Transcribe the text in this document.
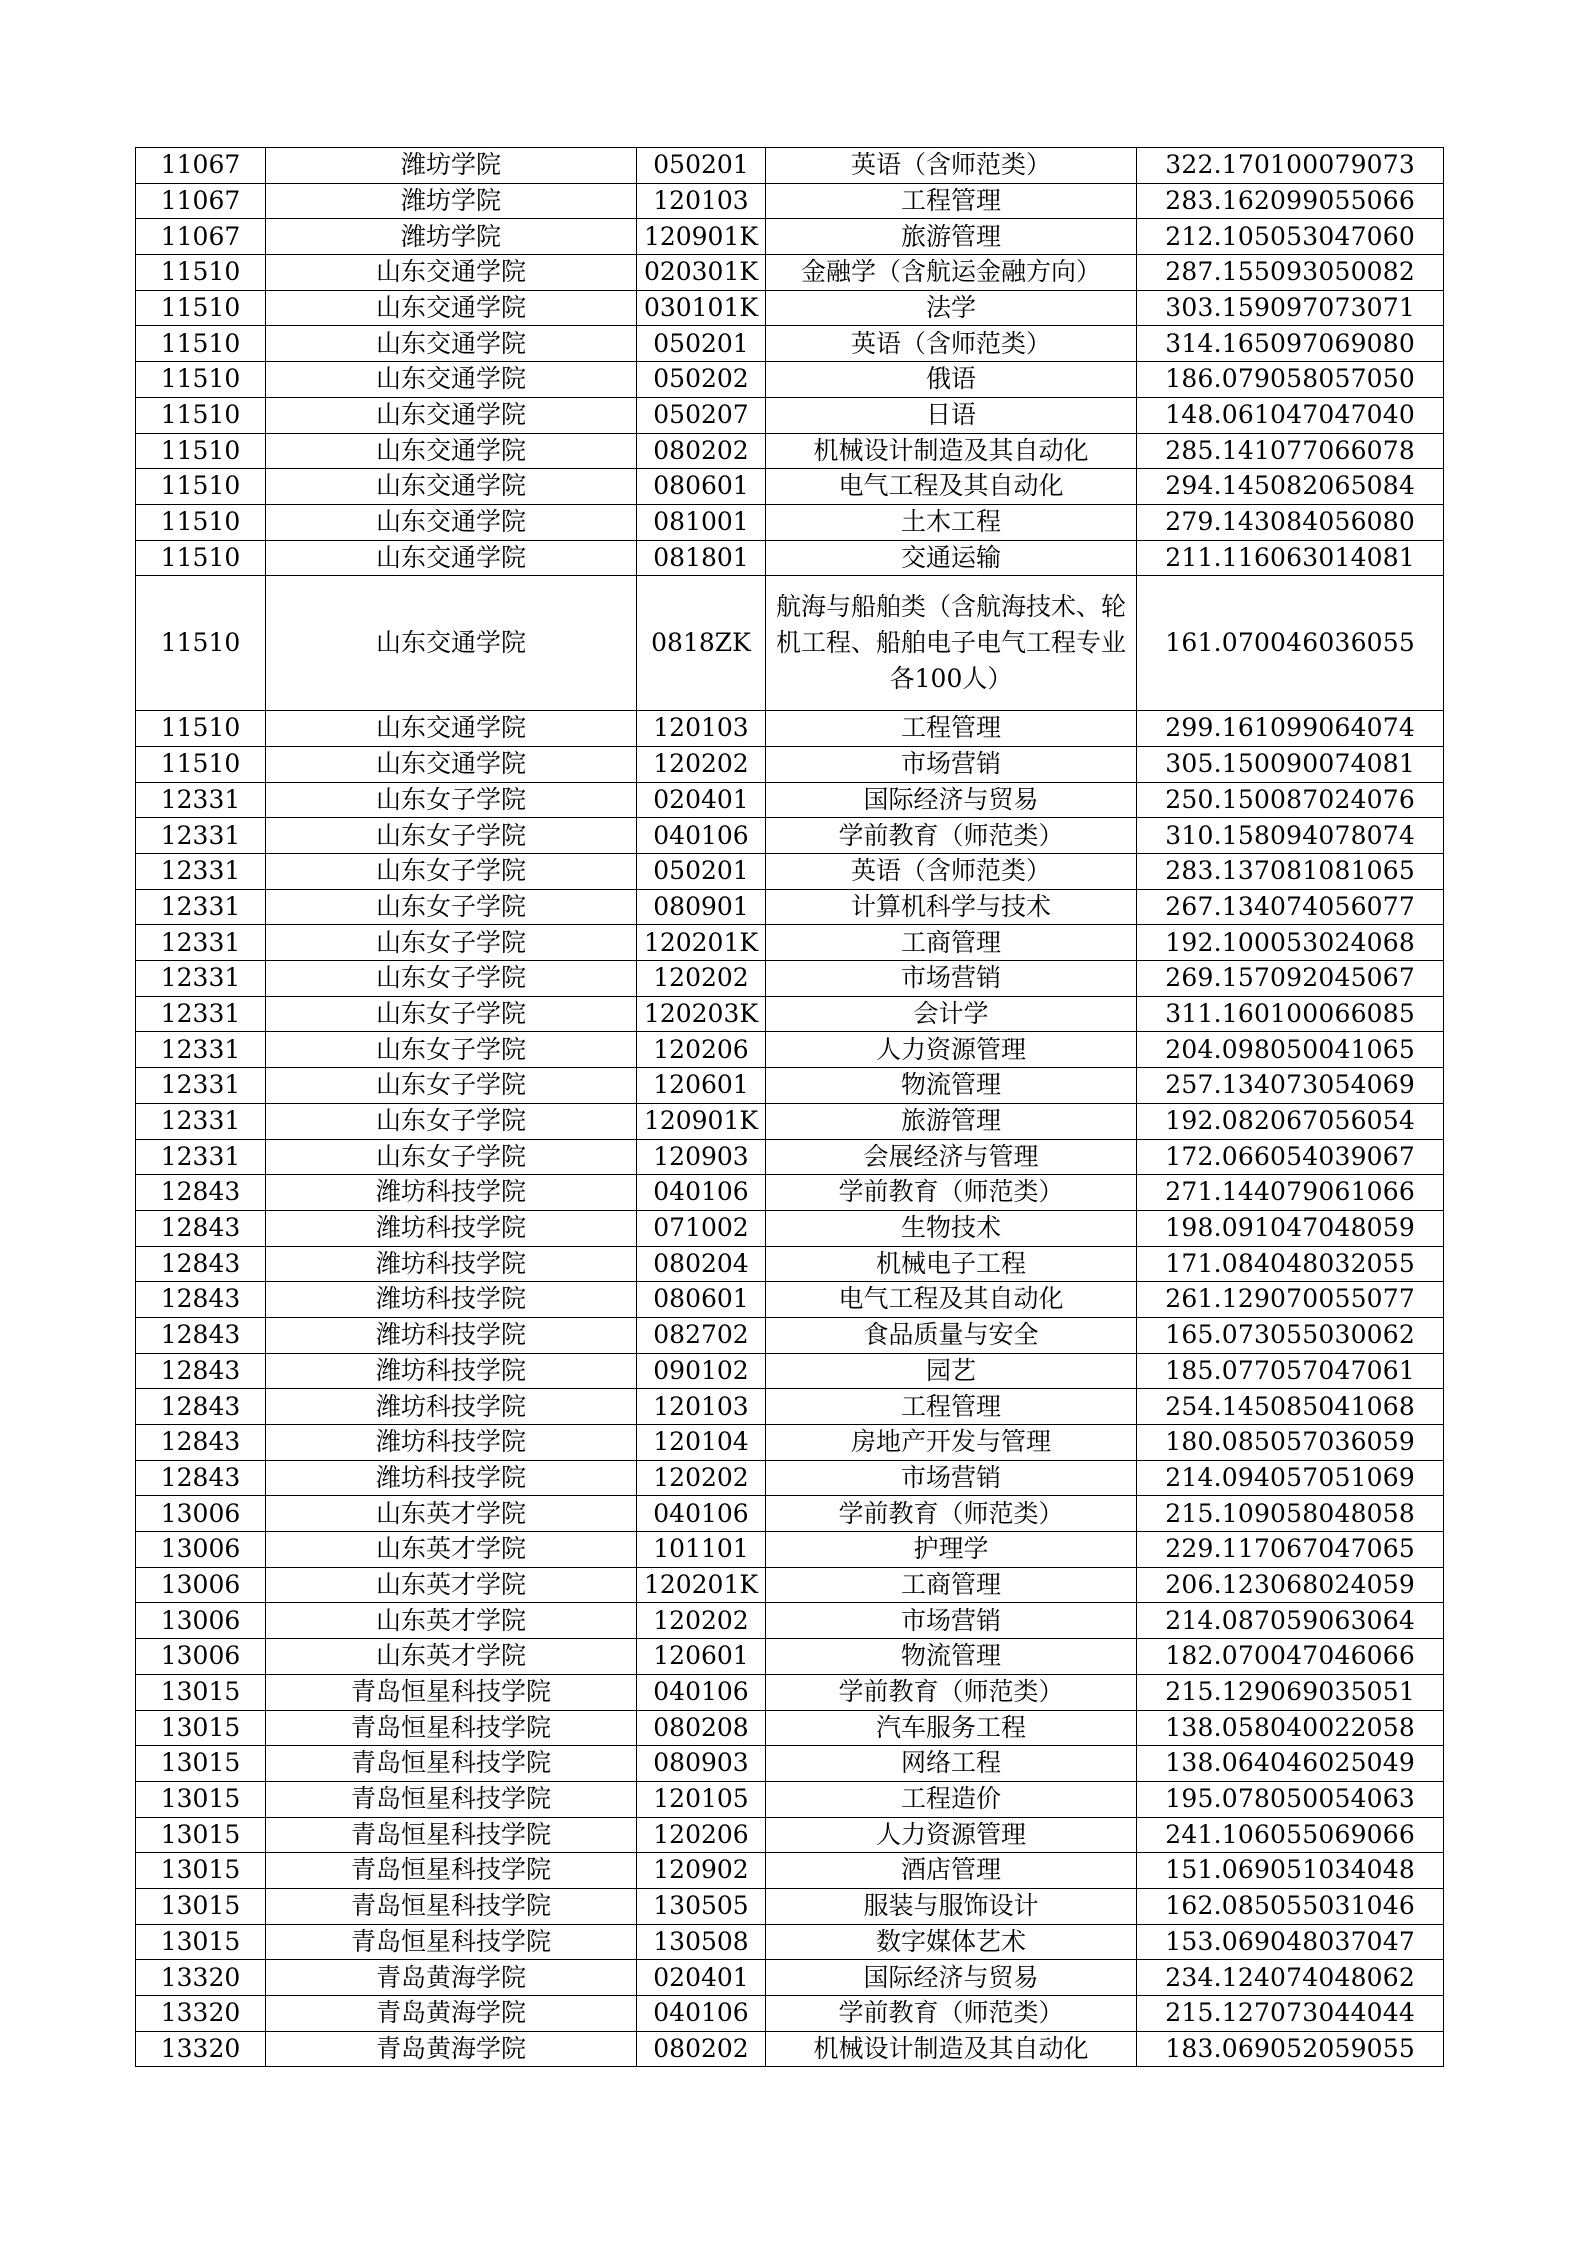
11067	潍坊学院	050201	英语（含师范类）	322.170100079073
11067	潍坊学院	120103	工程管理	283.162099055066
11067	潍坊学院	120901K	旅游管理	212.105053047060
11510	山东交通学院	020301K	金融学（含航运金融方向）	287.155093050082
11510	山东交通学院	030101K	法学	303.159097073071
11510	山东交通学院	050201	英语（含师范类）	314.165097069080
11510	山东交通学院	050202	俄语	186.079058057050
11510	山东交通学院	050207	日语	148.061047047040
11510	山东交通学院	080202	机械设计制造及其自动化	285.141077066078
11510	山东交通学院	080601	电气工程及其自动化	294.145082065084
11510	山东交通学院	081001	土木工程	279.143084056080
11510	山东交通学院	081801	交通运输	211.116063014081
11510	山东交通学院	0818ZK	航海与船舶类（含航海技术、轮机工程、船舶电子电气工程专业各100人）	161.070046036055
11510	山东交通学院	120103	工程管理	299.161099064074
11510	山东交通学院	120202	市场营销	305.150090074081
12331	山东女子学院	020401	国际经济与贸易	250.150087024076
12331	山东女子学院	040106	学前教育（师范类）	310.158094078074
12331	山东女子学院	050201	英语（含师范类）	283.137081081065
12331	山东女子学院	080901	计算机科学与技术	267.134074056077
12331	山东女子学院	120201K	工商管理	192.100053024068
12331	山东女子学院	120202	市场营销	269.157092045067
12331	山东女子学院	120203K	会计学	311.160100066085
12331	山东女子学院	120206	人力资源管理	204.098050041065
12331	山东女子学院	120601	物流管理	257.134073054069
12331	山东女子学院	120901K	旅游管理	192.082067056054
12331	山东女子学院	120903	会展经济与管理	172.066054039067
12843	潍坊科技学院	040106	学前教育（师范类）	271.144079061066
12843	潍坊科技学院	071002	生物技术	198.091047048059
12843	潍坊科技学院	080204	机械电子工程	171.084048032055
12843	潍坊科技学院	080601	电气工程及其自动化	261.129070055077
12843	潍坊科技学院	082702	食品质量与安全	165.073055030062
12843	潍坊科技学院	090102	园艺	185.077057047061
12843	潍坊科技学院	120103	工程管理	254.145085041068
12843	潍坊科技学院	120104	房地产开发与管理	180.085057036059
12843	潍坊科技学院	120202	市场营销	214.094057051069
13006	山东英才学院	040106	学前教育（师范类）	215.109058048058
13006	山东英才学院	101101	护理学	229.117067047065
13006	山东英才学院	120201K	工商管理	206.123068024059
13006	山东英才学院	120202	市场营销	214.087059063064
13006	山东英才学院	120601	物流管理	182.070047046066
13015	青岛恒星科技学院	040106	学前教育（师范类）	215.129069035051
13015	青岛恒星科技学院	080208	汽车服务工程	138.058040022058
13015	青岛恒星科技学院	080903	网络工程	138.064046025049
13015	青岛恒星科技学院	120105	工程造价	195.078050054063
13015	青岛恒星科技学院	120206	人力资源管理	241.106055069066
13015	青岛恒星科技学院	120902	酒店管理	151.069051034048
13015	青岛恒星科技学院	130505	服装与服饰设计	162.085055031046
13015	青岛恒星科技学院	130508	数字媒体艺术	153.069048037047
13320	青岛黄海学院	020401	国际经济与贸易	234.124074048062
13320	青岛黄海学院	040106	学前教育（师范类）	215.127073044044
13320	青岛黄海学院	080202	机械设计制造及其自动化	183.069052059055
